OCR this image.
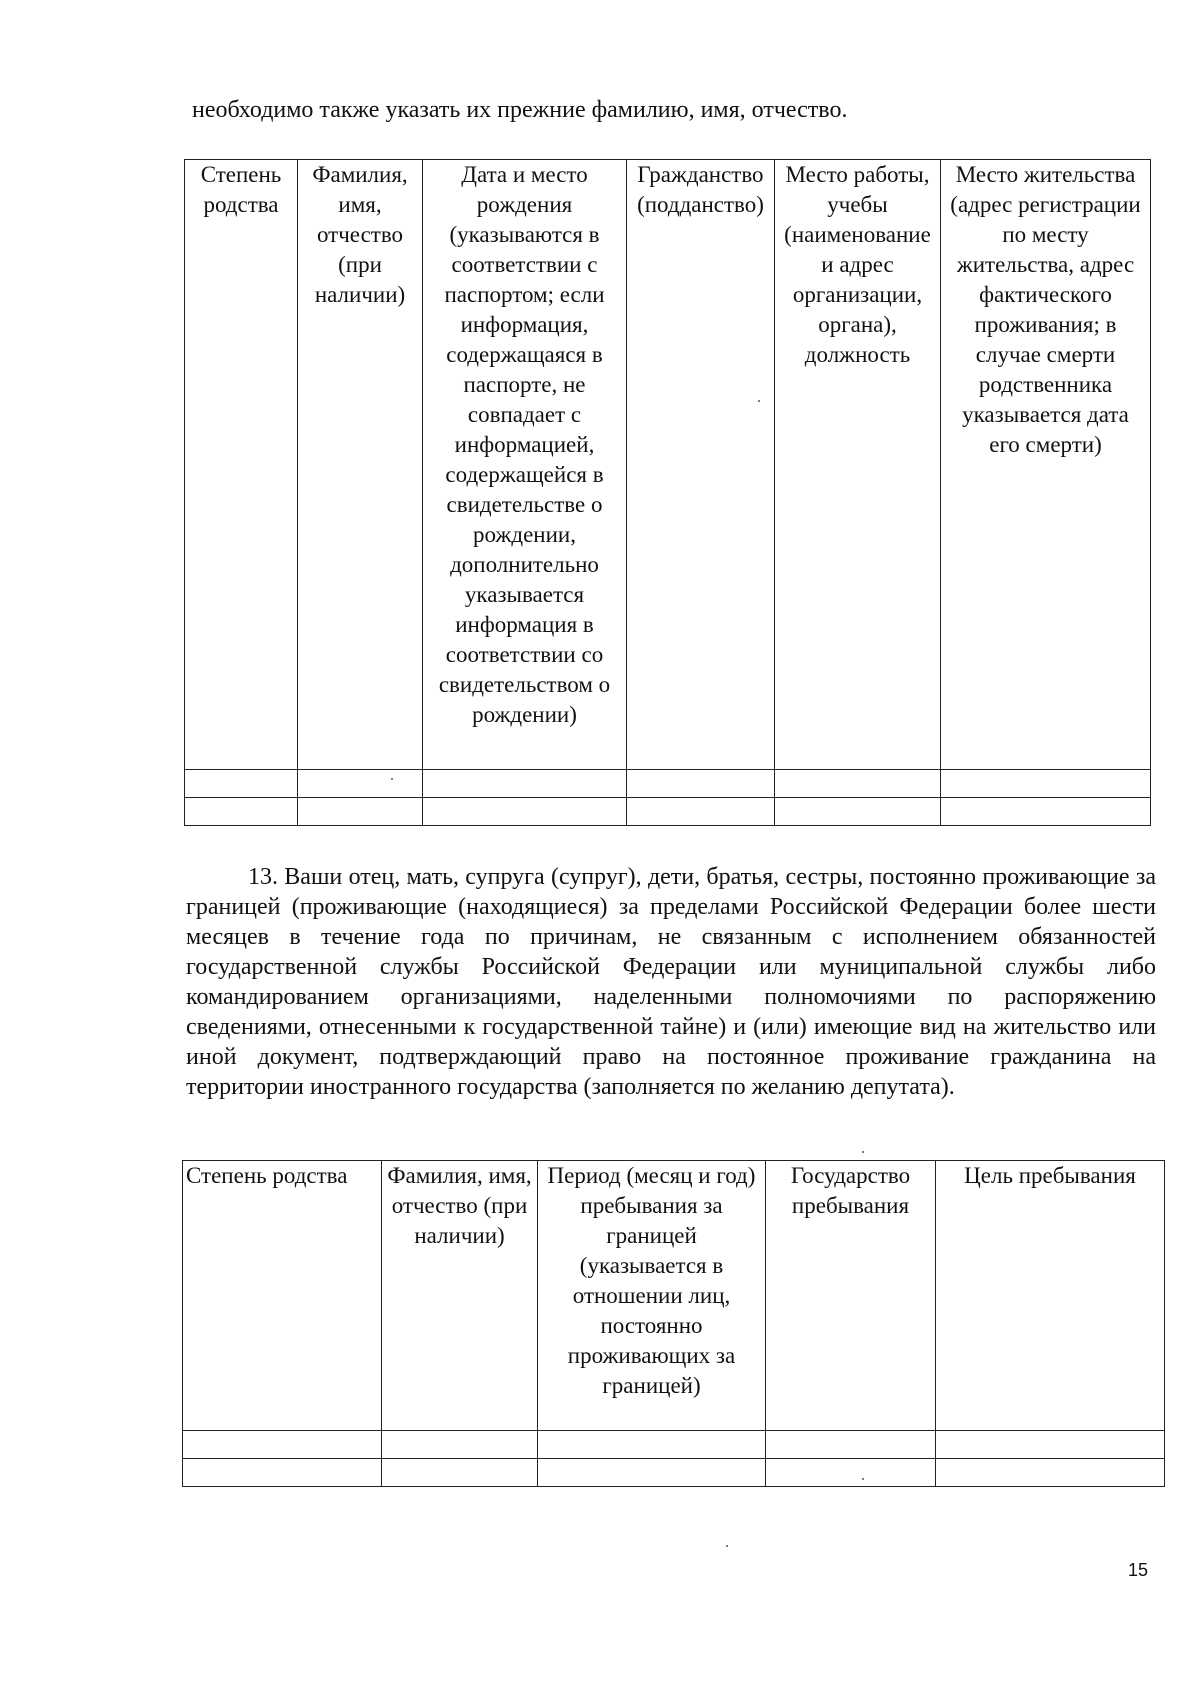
необходимо также указать их прежние фамилию, имя, отчество.
Степень родства	Фамилия, имя, отчество (при наличии)	Дата и место рождения (указываются в соответствии с паспортом; если информация, содержащаяся в паспорте, не совпадает с информацией, содержащейся в свидетельстве о рождении, дополнительно указывается информация в соответствии со свидетельством о рождении)	Гражданство (подданство)	Место работы, учебы (наименование и адрес организации, органа), должность	Место жительства (адрес регистрации по месту жительства, адрес фактического проживания; в случае смерти родственника указывается дата его смерти)

13. Ваши отец, мать, супруга (супруг), дети, братья, сестры, постоянно проживающие за границей (проживающие (находящиеся) за пределами Российской Федерации более шести месяцев в течение года по причинам, не связанным с исполнением обязанностей государственной службы Российской Федерации или муниципальной службы либо командированием организациями, наделенными полномочиями по распоряжению сведениями, отнесенными к государственной тайне) и (или) имеющие вид на жительство или иной документ, подтверждающий право на постоянное проживание гражданина на территории иностранного государства (заполняется по желанию депутата).

Степень родства	Фамилия, имя, отчество (при наличии)	Период (месяц и год) пребывания за границей (указывается в отношении лиц, постоянно проживающих за границей)	Государство пребывания	Цель пребывания

15
